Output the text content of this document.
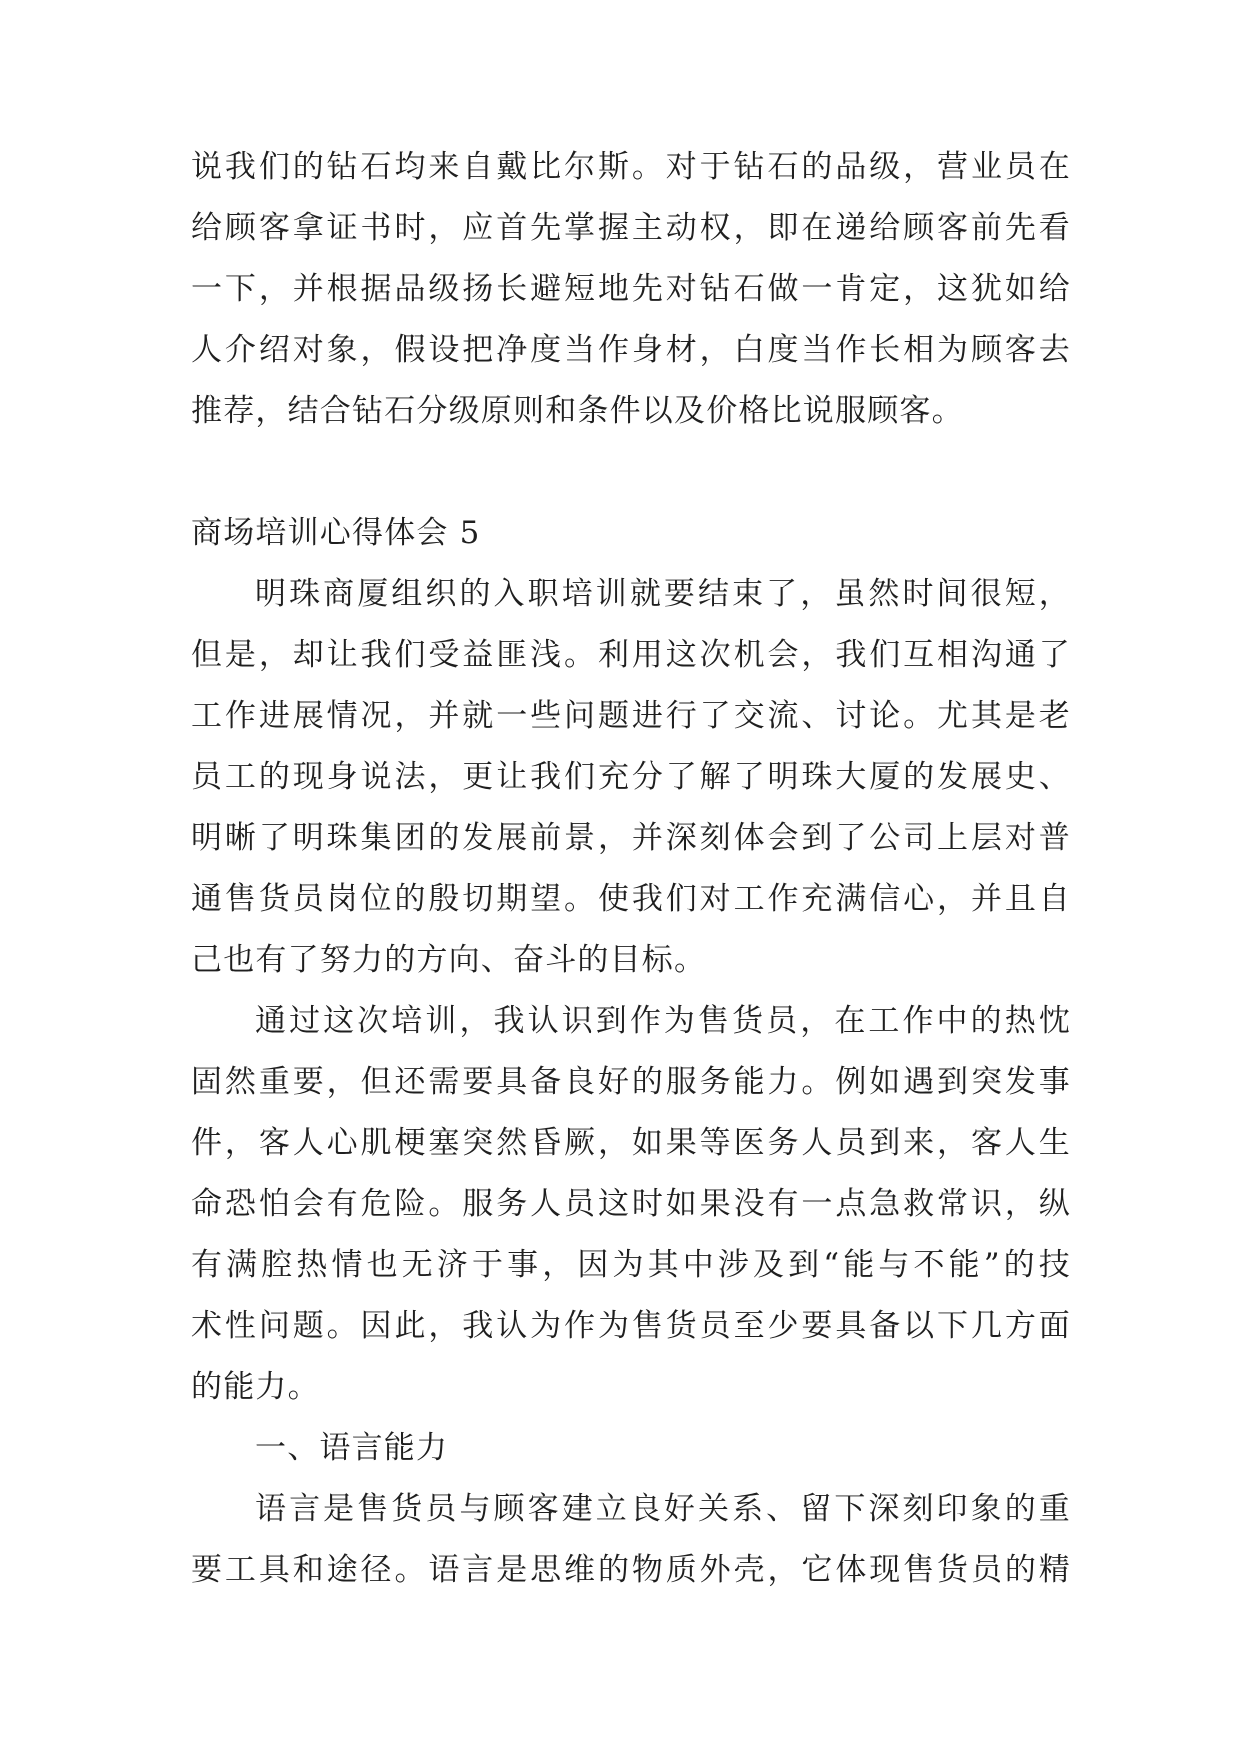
说我们的钻石均来自戴比尔斯。对于钻石的品级，营业员在
给顾客拿证书时，应首先掌握主动权，即在递给顾客前先看
一下，并根据品级扬长避短地先对钻石做一肯定，这犹如给
人介绍对象，假设把净度当作身材，白度当作长相为顾客去
推荐，结合钻石分级原则和条件以及价格比说服顾客。
商场培训心得体会 5
明珠商厦组织的入职培训就要结束了，虽然时间很短，
但是，却让我们受益匪浅。利用这次机会，我们互相沟通了
工作进展情况，并就一些问题进行了交流、讨论。尤其是老
员工的现身说法，更让我们充分了解了明珠大厦的发展史、
明晰了明珠集团的发展前景，并深刻体会到了公司上层对普
通售货员岗位的殷切期望。使我们对工作充满信心，并且自
己也有了努力的方向、奋斗的目标。
通过这次培训，我认识到作为售货员，在工作中的热忱
固然重要，但还需要具备良好的服务能力。例如遇到突发事
件，客人心肌梗塞突然昏厥，如果等医务人员到来，客人生
命恐怕会有危险。服务人员这时如果没有一点急救常识，纵
有满腔热情也无济于事，因为其中涉及到“能与不能”的技
术性问题。因此，我认为作为售货员至少要具备以下几方面
的能力。
一、语言能力
语言是售货员与顾客建立良好关系、留下深刻印象的重
要工具和途径。语言是思维的物质外壳，它体现售货员的精
